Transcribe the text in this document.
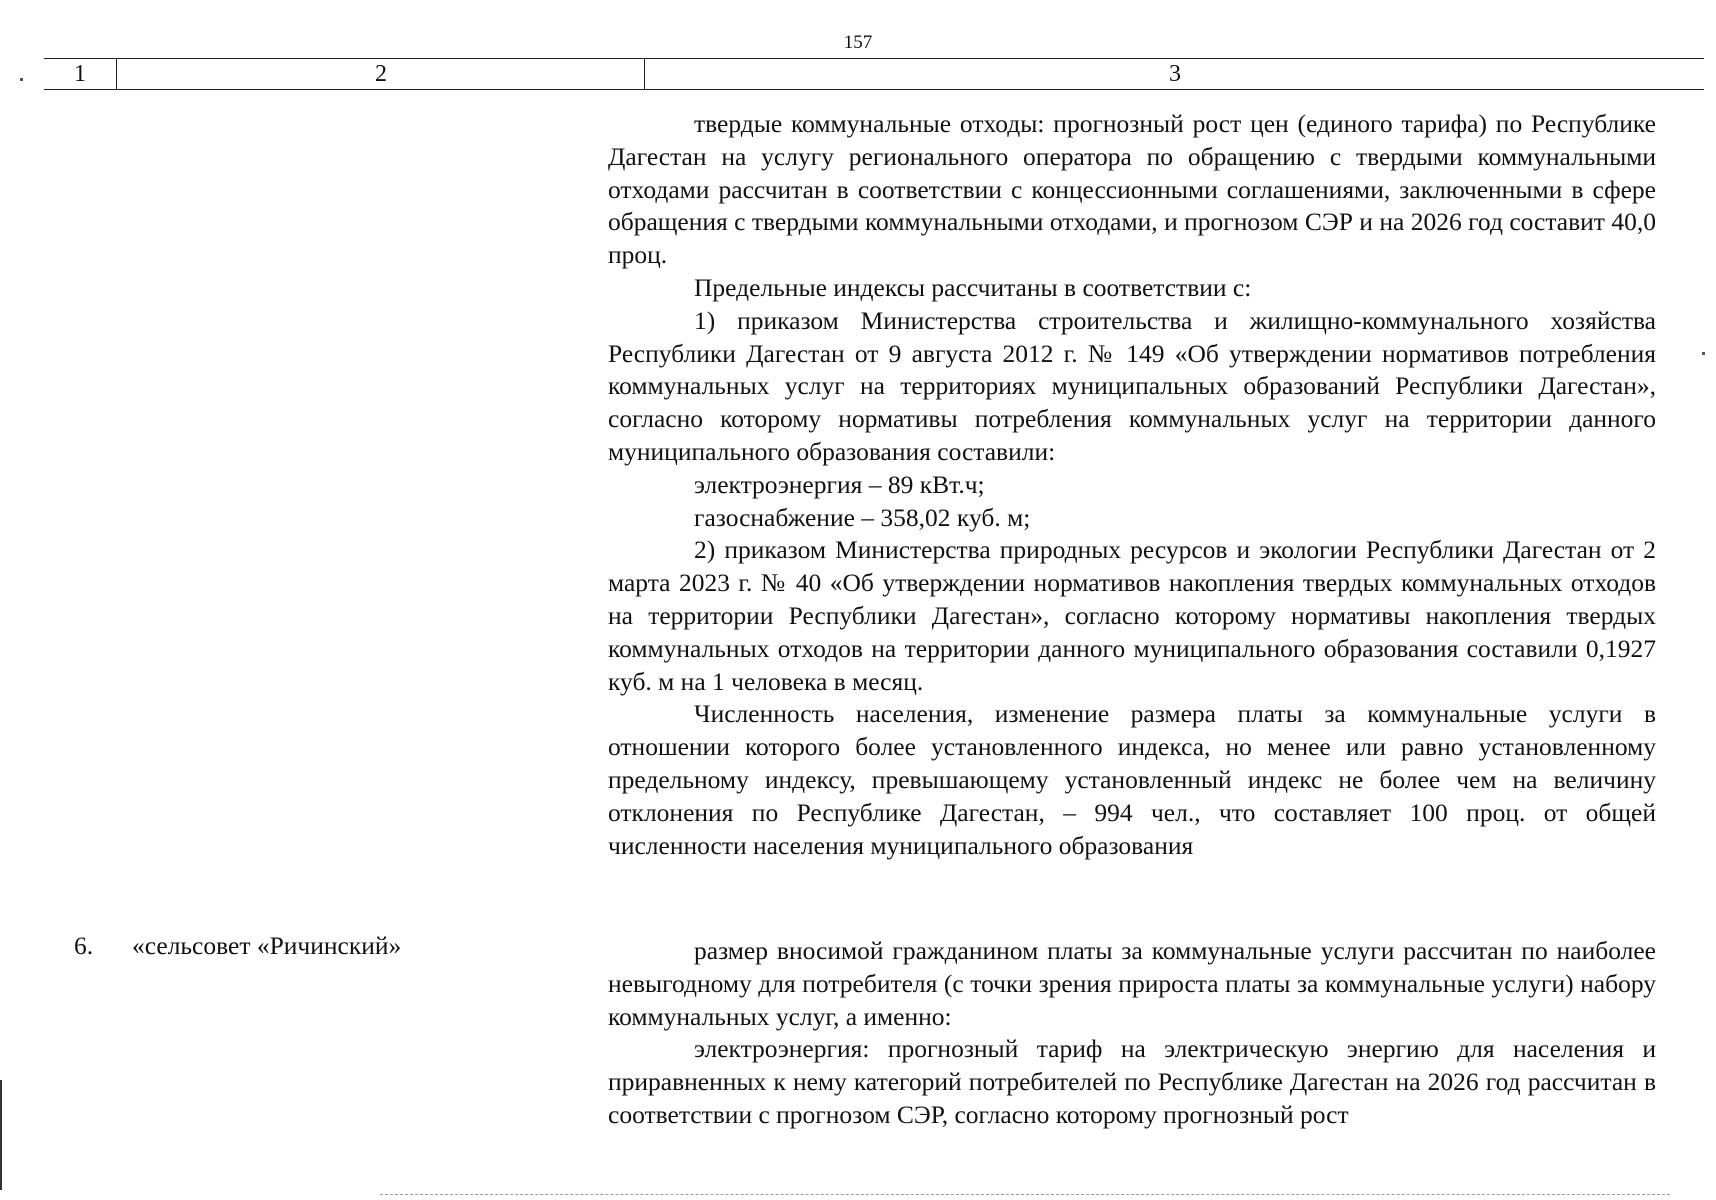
157
1	2	3

твердые коммунальные отходы: прогнозный рост цен (единого тарифа) по Республике Дагестан на услугу регионального оператора по обращению с твердыми коммунальными отходами рассчитан в соответствии с концессионными соглашениями, заключенными в сфере обращения с твердыми коммунальными отходами, и прогнозом СЭР и на 2026 год составит 40,0 проц.

Предельные индексы рассчитаны в соответствии с:

1) приказом Министерства строительства и жилищно-коммунального хозяйства Республики Дагестан от 9 августа 2012 г. № 149 «Об утверждении нормативов потребления коммунальных услуг на территориях муниципальных образований Республики Дагестан», согласно которому нормативы потребления коммунальных услуг на территории данного муниципального образования составили:

электроэнергия – 89 кВт.ч;

газоснабжение – 358,02 куб. м;

2) приказом Министерства природных ресурсов и экологии Республики Дагестан от 2 марта 2023 г. № 40 «Об утверждении нормативов накопления твердых коммунальных отходов на территории Республики Дагестан», согласно которому нормативы накопления твердых коммунальных отходов на территории данного муниципального образования составили 0,1927 куб. м на 1 человека в месяц.

Численность населения, изменение размера платы за коммунальные услуги в отношении которого более установленного индекса, но менее или равно установленному предельному индексу, превышающему установленный индекс не более чем на величину отклонения по Республике Дагестан, – 994 чел., что составляет 100 проц. от общей численности населения муниципального образования

6. «сельсовет «Ричинский»	размер вносимой гражданином платы за коммунальные услуги рассчитан по наиболее невыгодному для потребителя (с точки зрения прироста платы за коммунальные услуги) набору коммунальных услуг, а именно:

электроэнергия: прогнозный тариф на электрическую энергию для населения и приравненных к нему категорий потребителей по Республике Дагестан на 2026 год рассчитан в соответствии с прогнозом СЭР, согласно которому прогнозный рост
